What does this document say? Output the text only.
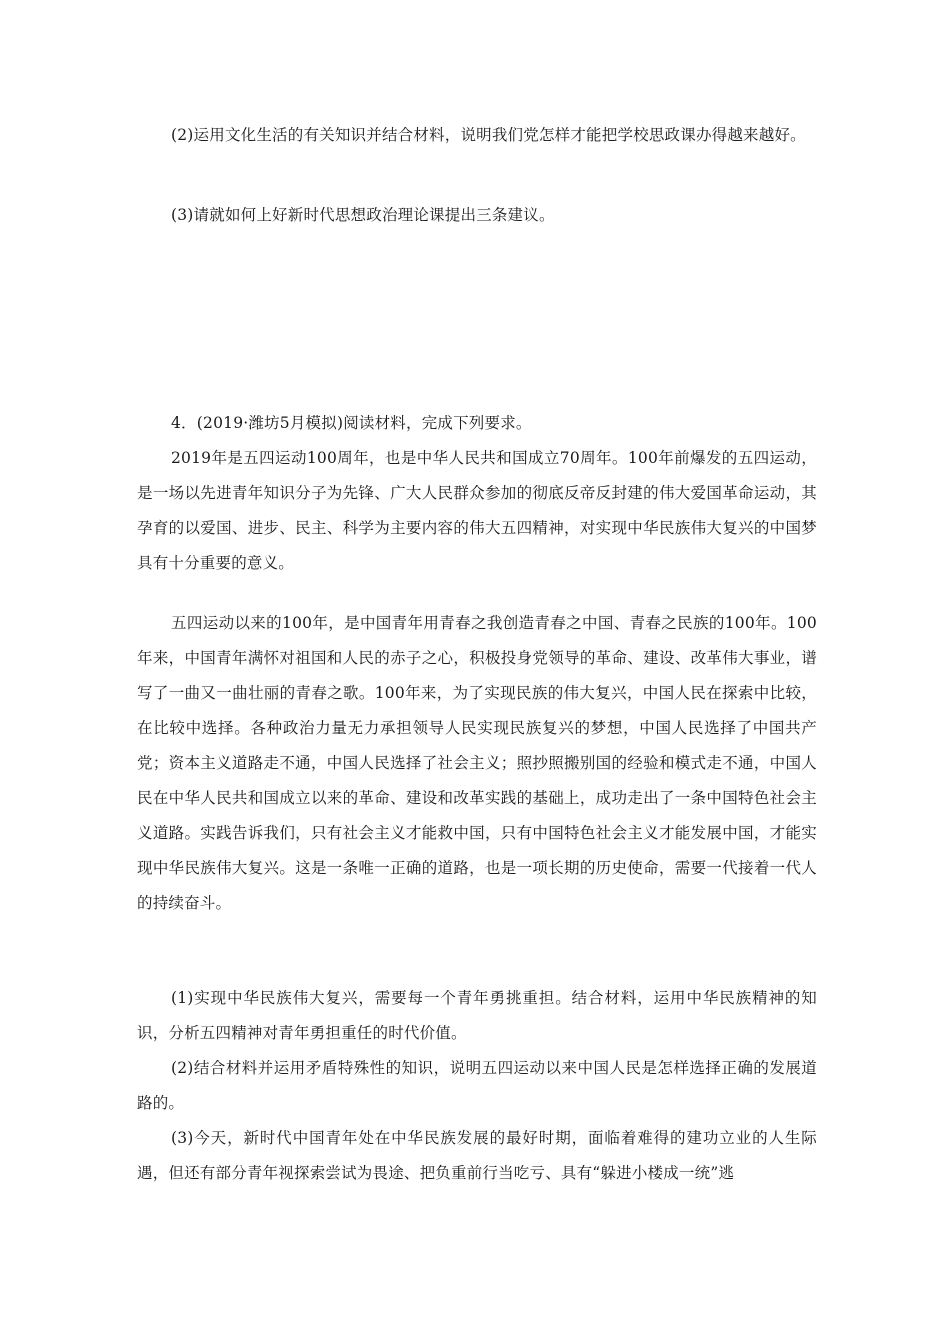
(2)运用文化生活的有关知识并结合材料，说明我们党怎样才能把学校思政课办得越来越好。

(3)请就如何上好新时代思想政治理论课提出三条建议。

4．(2019·潍坊5月模拟)阅读材料，完成下列要求。

2019年是五四运动100周年，也是中华人民共和国成立70周年。100年前爆发的五四运动，是一场以先进青年知识分子为先锋、广大人民群众参加的彻底反帝反封建的伟大爱国革命运动，其孕育的以爱国、进步、民主、科学为主要内容的伟大五四精神，对实现中华民族伟大复兴的中国梦具有十分重要的意义。

五四运动以来的100年，是中国青年用青春之我创造青春之中国、青春之民族的100年。100年来，中国青年满怀对祖国和人民的赤子之心，积极投身党领导的革命、建设、改革伟大事业，谱写了一曲又一曲壮丽的青春之歌。100年来，为了实现民族的伟大复兴，中国人民在探索中比较，在比较中选择。各种政治力量无力承担领导人民实现民族复兴的梦想，中国人民选择了中国共产党；资本主义道路走不通，中国人民选择了社会主义；照抄照搬别国的经验和模式走不通，中国人民在中华人民共和国成立以来的革命、建设和改革实践的基础上，成功走出了一条中国特色社会主义道路。实践告诉我们，只有社会主义才能救中国，只有中国特色社会主义才能发展中国，才能实现中华民族伟大复兴。这是一条唯一正确的道路，也是一项长期的历史使命，需要一代接着一代人的持续奋斗。

(1)实现中华民族伟大复兴，需要每一个青年勇挑重担。结合材料，运用中华民族精神的知识，分析五四精神对青年勇担重任的时代价值。

(2)结合材料并运用矛盾特殊性的知识，说明五四运动以来中国人民是怎样选择正确的发展道路的。

(3)今天，新时代中国青年处在中华民族发展的最好时期，面临着难得的建功立业的人生际遇，但还有部分青年视探索尝试为畏途、把负重前行当吃亏、具有“躲进小楼成一统”逃
